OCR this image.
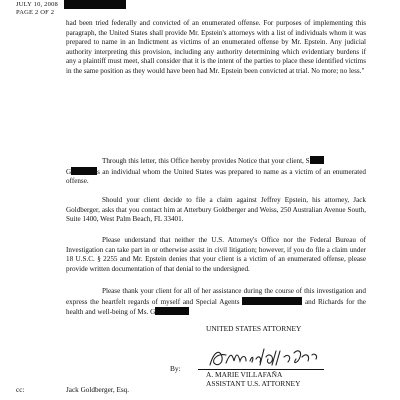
JULY 10, 2008
PAGE 2 OF 2

had been tried federally and convicted of an enumerated offense. For purposes of implementing this paragraph, the United States shall provide Mr. Epstein's attorneys with a list of individuals whom it was prepared to name in an Indictment as victims of an enumerated offense by Mr. Epstein. Any judicial authority interpreting this provision, including any authority determining which evidentiary burdens if any a plaintiff must meet, shall consider that it is the intent of the parties to place these identified victims in the same position as they would have been had Mr. Epstein been convicted at trial. No more; no less."

Through this letter, this Office hereby provides Notice that your client, S
G	s an individual whom the United States was prepared to name as a victim of an enumerated offense.

Should your client decide to file a claim against Jeffrey Epstein, his attorney, Jack Goldberger, asks that you contact him at Atterbury Goldberger and Weiss, 250 Australian Avenue South, Suite 1400, West Palm Beach, FL 33401.

Please understand that neither the U.S. Attorney's Office nor the Federal Bureau of Investigation can take part in or otherwise assist in civil litigation; however, if you do file a claim under 18 U.S.C. § 2255 and Mr. Epstein denies that your client is a victim of an enumerated offense, please provide written documentation of that denial to the undersigned.

Please thank your client for all of her assistance during the course of this investigation and express the heartfelt regards of myself and Special Agents	and Richards for the health and well-being of Ms. G

UNITED STATES ATTORNEY
By:
A. MARIE VILLAFAÑA
ASSISTANT U.S. ATTORNEY
cc:	Jack Goldberger, Esq.
